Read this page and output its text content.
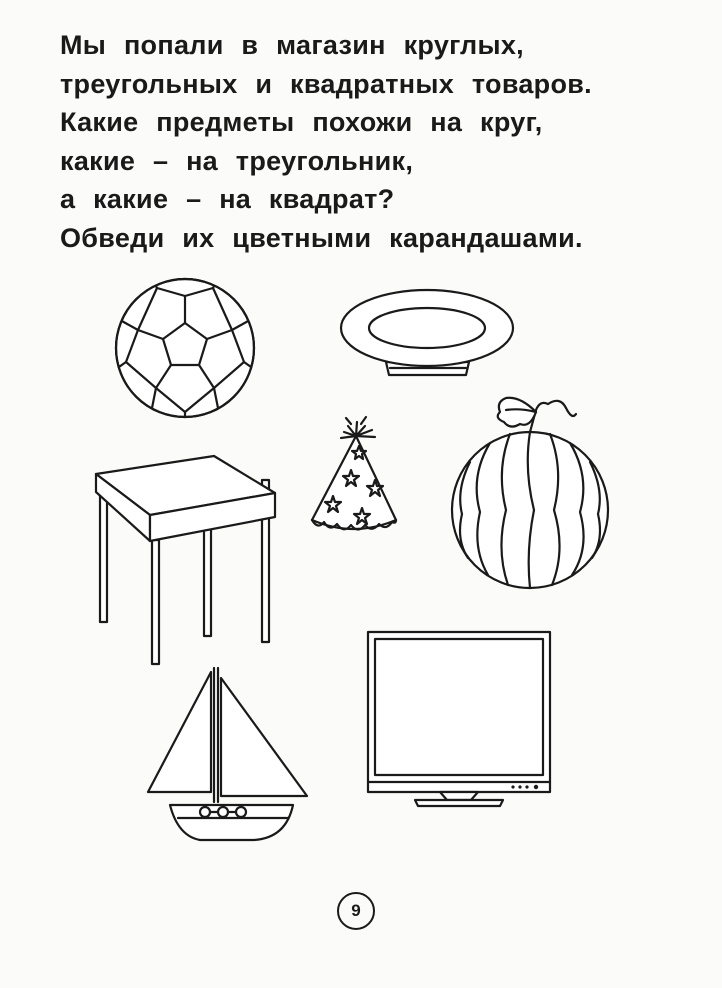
Мы попали в магазин круглых,
треугольных и квадратных товаров.
Какие предметы похожи на круг,
какие – на треугольник,
а какие – на квадрат?
Обведи их цветными карандашами.
9
